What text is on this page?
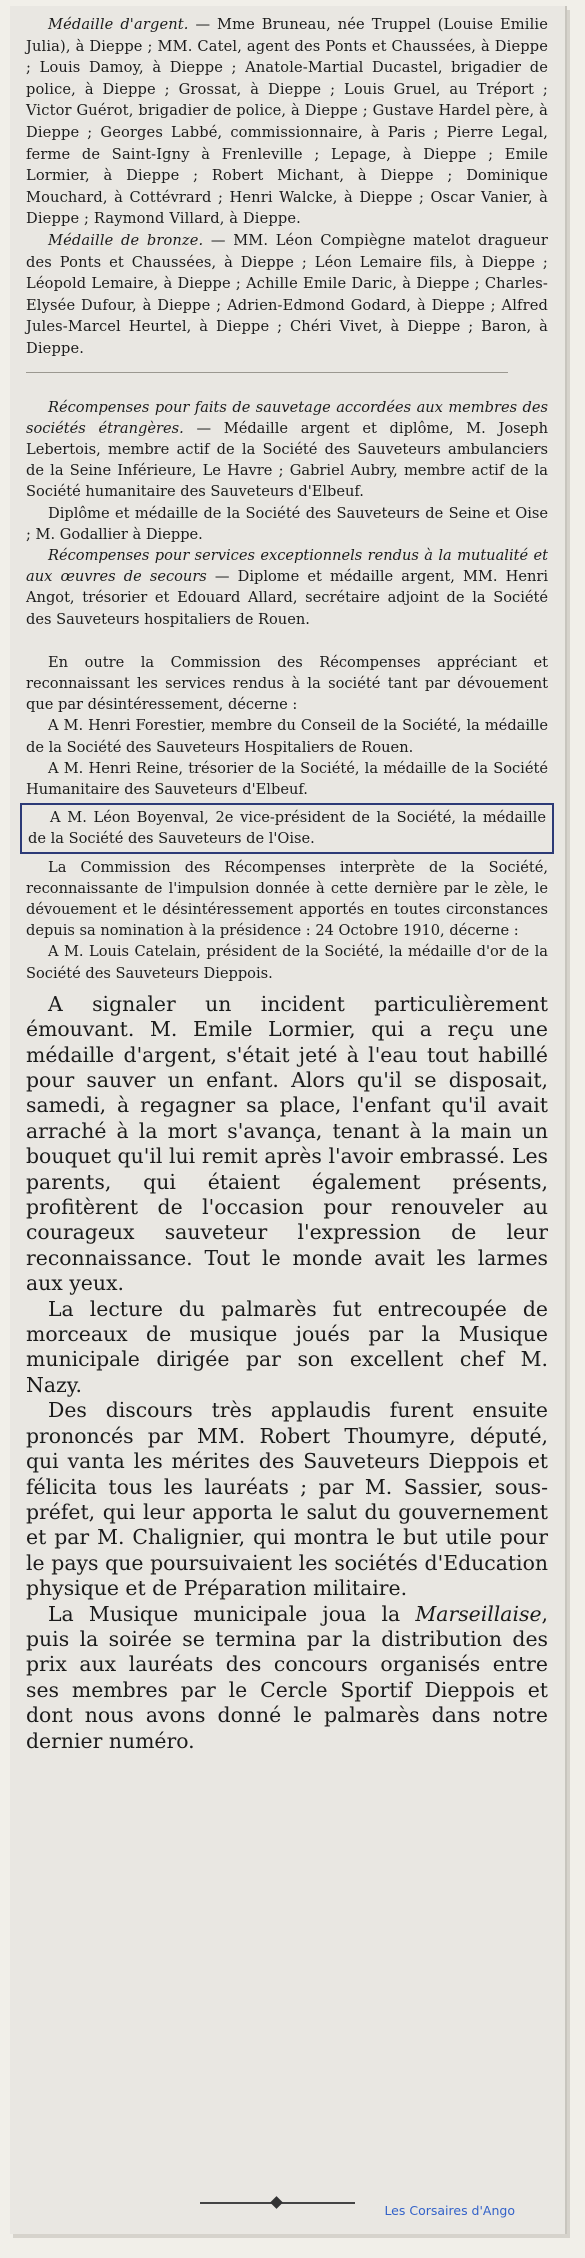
Médaille d'argent. — Mme Bruneau, née Truppel (Louise Emilie Julia), à Dieppe ; MM. Catel, agent des Ponts et Chaussées, à Dieppe ; Louis Damoy, à Dieppe ; Anatole-Martial Ducastel, brigadier de police, à Dieppe ; Grossat, à Dieppe ; Louis Gruel, au Tréport ; Victor Guérot, brigadier de police, à Dieppe ; Gustave Hardel père, à Dieppe ; Georges Labbé, commissionnaire, à Paris ; Pierre Legal, ferme de Saint-Igny à Frenleville ; Lepage, à Dieppe ; Emile Lormier, à Dieppe ; Robert Michant, à Dieppe ; Dominique Mouchard, à Cottévrard ; Henri Walcke, à Dieppe ; Oscar Vanier, à Dieppe ; Raymond Villard, à Dieppe.

Médaille de bronze. — MM. Léon Compiègne matelot dragueur des Ponts et Chaussées, à Dieppe ; Léon Lemaire fils, à Dieppe ; Léopold Lemaire, à Dieppe ; Achille Emile Daric, à Dieppe ; Charles-Elysée Dufour, à Dieppe ; Adrien-Edmond Godard, à Dieppe ; Alfred Jules-Marcel Heurtel, à Dieppe ; Chéri Vivet, à Dieppe ; Baron, à Dieppe.

Récompenses pour faits de sauvetage accordées aux membres des sociétés étrangères. — Médaille argent et diplôme, M. Joseph Lebertois, membre actif de la Société des Sauveteurs ambulanciers de la Seine Inférieure, Le Havre ; Gabriel Aubry, membre actif de la Société humanitaire des Sauveteurs d'Elbeuf.

Diplôme et médaille de la Société des Sauveteurs de Seine et Oise ; M. Godallier à Dieppe.

Récompenses pour services exceptionnels rendus à la mutualité et aux œuvres de secours — Diplome et médaille argent, MM. Henri Angot, trésorier et Edouard Allard, secrétaire adjoint de la Société des Sauveteurs hospitaliers de Rouen.

En outre la Commission des Récompenses appréciant et reconnaissant les services rendus à la société tant par dévouement que par désintéressement, décerne :

A M. Henri Forestier, membre du Conseil de la Société, la médaille de la Société des Sauveteurs Hospitaliers de Rouen.

A M. Henri Reine, trésorier de la Société, la médaille de la Société Humanitaire des Sauveteurs d'Elbeuf.

A M. Léon Boyenval, 2e vice-président de la Société, la médaille de la Société des Sauveteurs de l'Oise.

La Commission des Récompenses interprète de la Société, reconnaissante de l'impulsion donnée à cette dernière par le zèle, le dévouement et le désintéressement apportés en toutes circonstances depuis sa nomination à la présidence : 24 Octobre 1910, décerne :

A M. Louis Catelain, président de la Société, la médaille d'or de la Société des Sauveteurs Dieppois.

A signaler un incident particulièrement émouvant. M. Emile Lormier, qui a reçu une médaille d'argent, s'était jeté à l'eau tout habillé pour sauver un enfant. Alors qu'il se disposait, samedi, à regagner sa place, l'enfant qu'il avait arraché à la mort s'avança, tenant à la main un bouquet qu'il lui remit après l'avoir embrassé. Les parents, qui étaient également présents, profitèrent de l'occasion pour renouveler au courageux sauveteur l'expression de leur reconnaissance. Tout le monde avait les larmes aux yeux.

La lecture du palmarès fut entrecoupée de morceaux de musique joués par la Musique municipale dirigée par son excellent chef M. Nazy.

Des discours très applaudis furent ensuite prononcés par MM. Robert Thoumyre, député, qui vanta les mérites des Sauveteurs Dieppois et félicita tous les lauréats ; par M. Sassier, sous-préfet, qui leur apporta le salut du gouvernement et par M. Chalignier, qui montra le but utile pour le pays que poursuivaient les sociétés d'Education physique et de Préparation militaire.

La Musique municipale joua la Marseillaise, puis la soirée se termina par la distribution des prix aux lauréats des concours organisés entre ses membres par le Cercle Sportif Dieppois et dont nous avons donné le palmarès dans notre dernier numéro.

Les Corsaires d'Ango
